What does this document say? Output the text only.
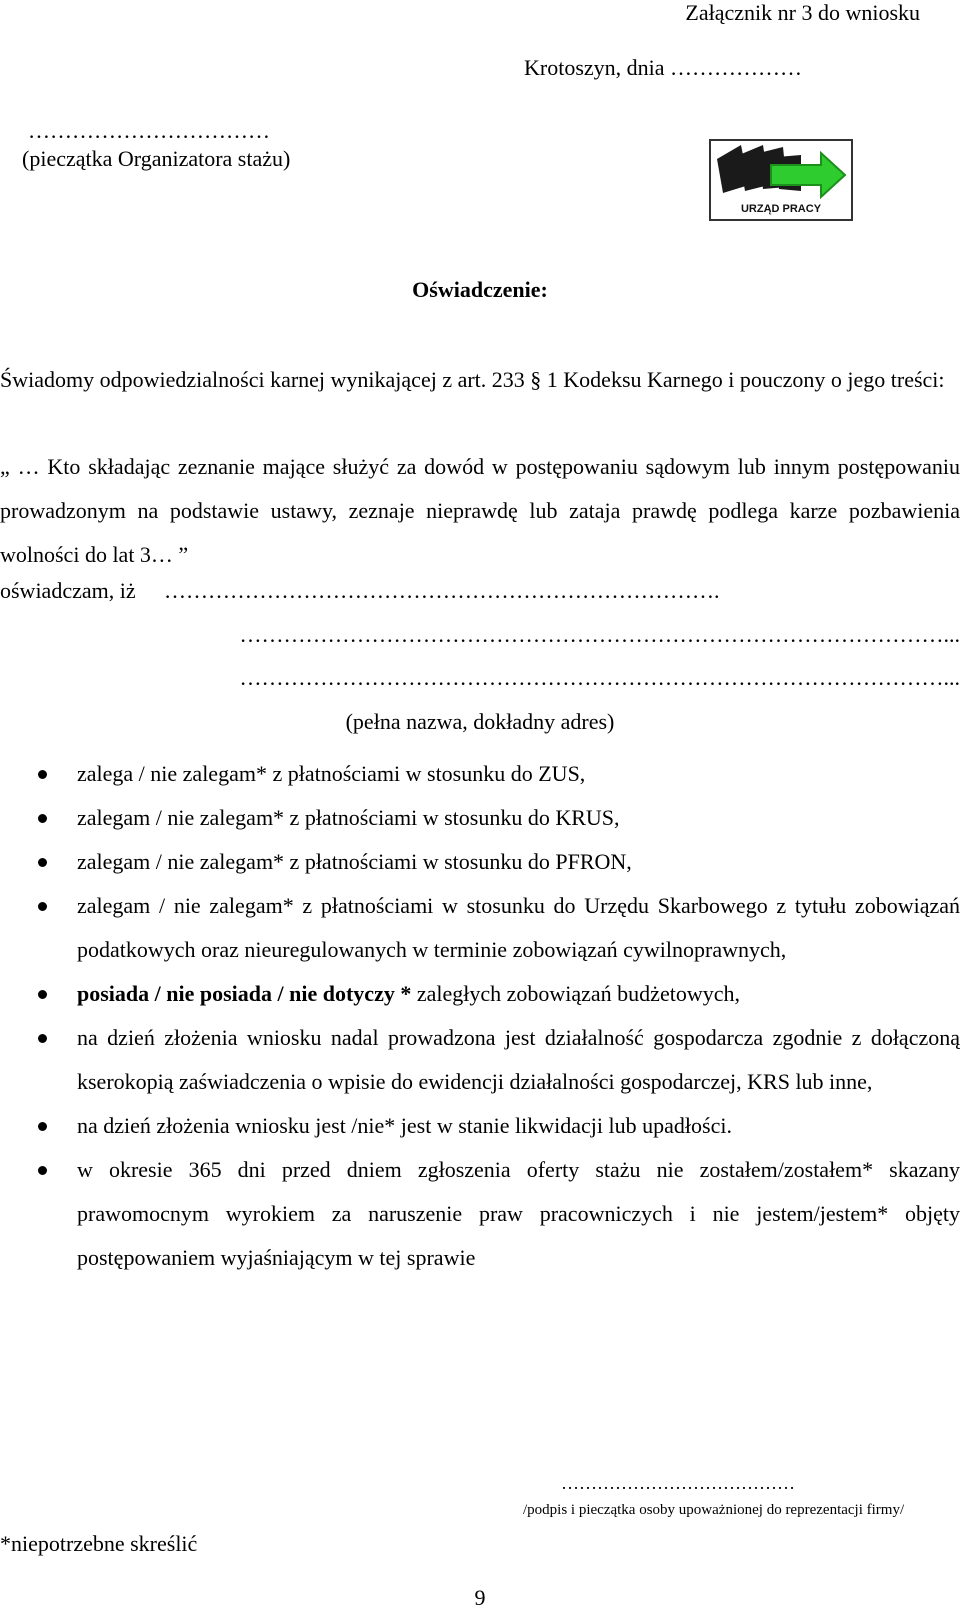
Załącznik nr 3 do wniosku
Krotoszyn, dnia ………………
……………………………
(pieczątka Organizatora stażu)
URZĄD PRACY
Oświadczenie:
Świadomy odpowiedzialności karnej wynikającej z art. 233 § 1 Kodeksu Karnego i pouczony o jego treści:
„ … Kto składając zeznanie mające służyć za dowód w postępowaniu sądowym lub innym postępowaniu prowadzonym na podstawie ustawy, zeznaje nieprawdę lub zataja prawdę podlega karze pozbawienia wolności do lat 3… ”
oświadczam, iż ………………………………………………………………….
……………………………………………………………………………………...
……………………………………………………………………………………...
(pełna nazwa, dokładny adres)
zalega / nie zalegam* z płatnościami w stosunku do ZUS,
zalegam / nie zalegam* z płatnościami w stosunku do KRUS,
zalegam / nie zalegam* z płatnościami w stosunku do PFRON,
zalegam / nie zalegam* z płatnościami w stosunku do Urzędu Skarbowego z tytułu zobowiązań podatkowych oraz nieuregulowanych w terminie zobowiązań cywilnoprawnych,
posiada / nie posiada / nie dotyczy * zaległych zobowiązań budżetowych,
na dzień złożenia wniosku nadal prowadzona jest działalność gospodarcza zgodnie z dołączoną kserokopią zaświadczenia o wpisie do ewidencji działalności gospodarczej, KRS lub inne,
na dzień złożenia wniosku jest /nie* jest w stanie likwidacji lub upadłości.
w okresie 365 dni przed dniem zgłoszenia oferty stażu nie zostałem/zostałem* skazany prawomocnym wyrokiem za naruszenie praw pracowniczych i nie jestem/jestem* objęty postępowaniem wyjaśniającym w tej sprawie
…………………………………
/podpis i pieczątka osoby upoważnionej do reprezentacji firmy/
*niepotrzebne skreślić
9
